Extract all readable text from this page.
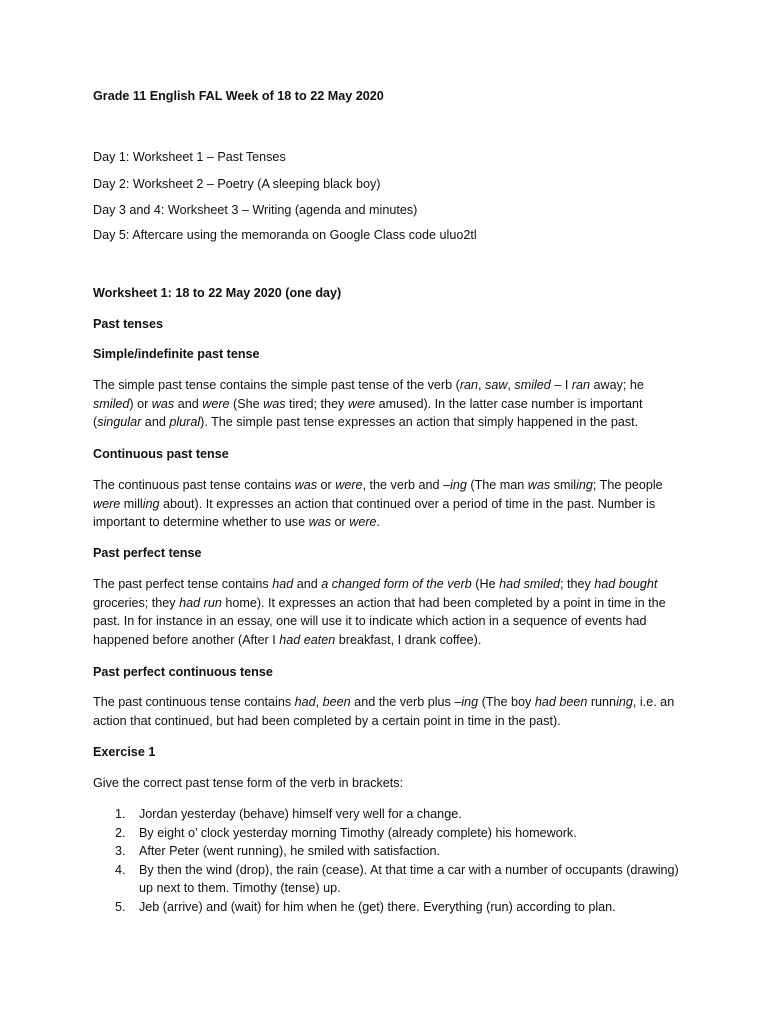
Grade 11 English FAL Week of 18 to 22 May 2020

Day 1: Worksheet 1 – Past Tenses

Day 2: Worksheet 2 – Poetry (A sleeping black boy)

Day 3 and 4: Worksheet 3 – Writing (agenda and minutes)

Day 5: Aftercare using the memoranda on Google Class code uluo2tl

Worksheet 1: 18 to 22 May 2020 (one day)

Past tenses

Simple/indefinite past tense

The simple past tense contains the simple past tense of the verb (ran, saw, smiled – I ran away; he smiled) or was and were (She was tired; they were amused). In the latter case number is important (singular and plural). The simple past tense expresses an action that simply happened in the past.

Continuous past tense

The continuous past tense contains was or were, the verb and –ing (The man was smiling; The people were milling about). It expresses an action that continued over a period of time in the past. Number is important to determine whether to use was or were.

Past perfect tense

The past perfect tense contains had and a changed form of the verb (He had smiled; they had bought groceries; they had run home). It expresses an action that had been completed by a point in time in the past. In for instance in an essay, one will use it to indicate which action in a sequence of events had happened before another (After I had eaten breakfast, I drank coffee).

Past perfect continuous tense

The past continuous tense contains had, been and the verb plus –ing (The boy had been running, i.e. an action that continued, but had been completed by a certain point in time in the past).

Exercise 1

Give the correct past tense form of the verb in brackets:

1. Jordan yesterday (behave) himself very well for a change.
2. By eight o’ clock yesterday morning Timothy (already complete) his homework.
3. After Peter (went running), he smiled with satisfaction.
4. By then the wind (drop), the rain (cease). At that time a car with a number of occupants (drawing) up next to them. Timothy (tense) up.
5. Jeb (arrive) and (wait) for him when he (get) there. Everything (run) according to plan.
